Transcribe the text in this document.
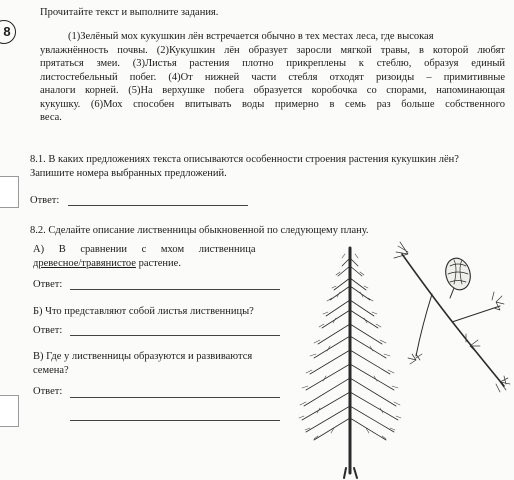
8
Прочитайте текст и выполните задания.
(1)Зелёный мох кукушкин лён встречается обычно в тех местах леса, где высокая
увлажнённость почвы. (2)Кукушкин лён образует заросли мягкой травы, в которой любят
прятаться змеи. (3)Листья растения плотно прикреплены к стеблю, образуя единый
листостебельный побег. (4)От нижней части стебля отходят ризоиды – примитивные
аналоги корней. (5)На верхушке побега образуется коробочка со спорами, напоминающая
кукушку. (6)Мох способен впитывать воды примерно в семь раз больше собственного
веса.
8.1. В каких предложениях текста описываются особенности строения растения кукушкин лён?
Запишите номера выбранных предложений.
Ответ:
8.2. Сделайте описание лиственницы обыкновенной по следующему плану.
А) В сравнении с мхом лиственница
древесное/травянистое растение.
Ответ:
Б) Что представляют собой листья лиственницы?
Ответ:
В) Где у лиственницы образуются и развиваются
семена?
Ответ:
